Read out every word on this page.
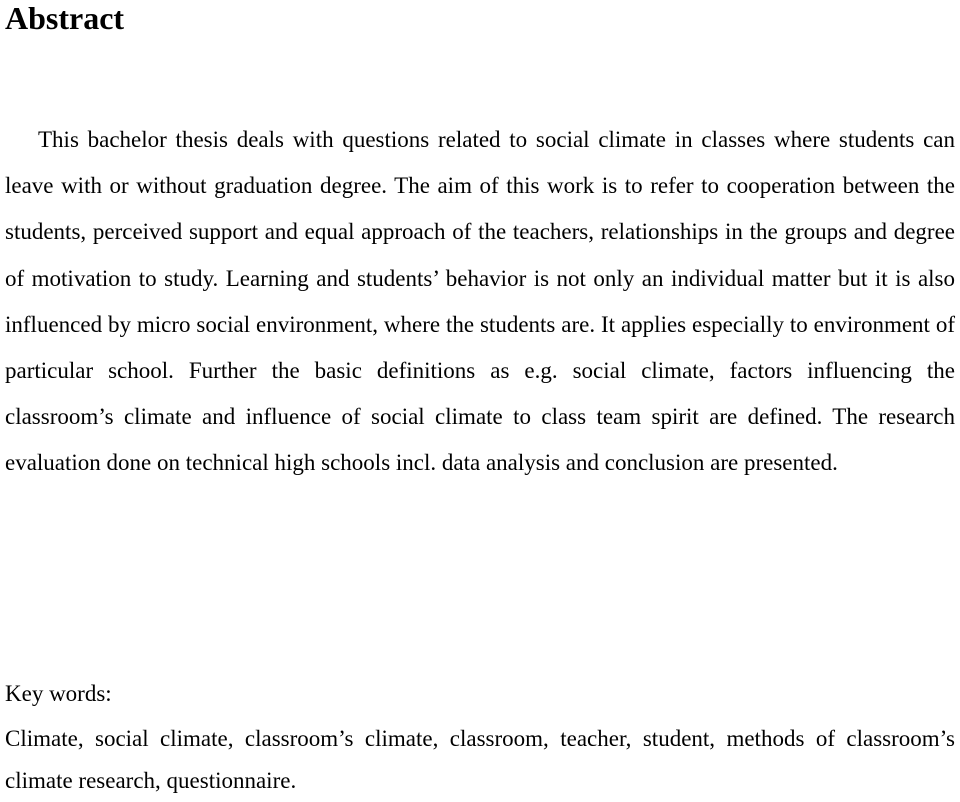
Abstract

This bachelor thesis deals with questions related to social climate in classes where students can leave with or without graduation degree. The aim of this work is to refer to cooperation between the students, perceived support and equal approach of the teachers, relationships in the groups and degree of motivation to study. Learning and students’ behavior is not only an individual matter but it is also influenced by micro social environment, where the students are. It applies especially to environment of particular school. Further the basic definitions as e.g. social climate, factors influencing the classroom’s climate and influence of social climate to class team spirit are defined. The research evaluation done on technical high schools incl. data analysis and conclusion are presented.

Key words:

Climate, social climate, classroom’s climate, classroom, teacher, student, methods of classroom’s climate research, questionnaire.
